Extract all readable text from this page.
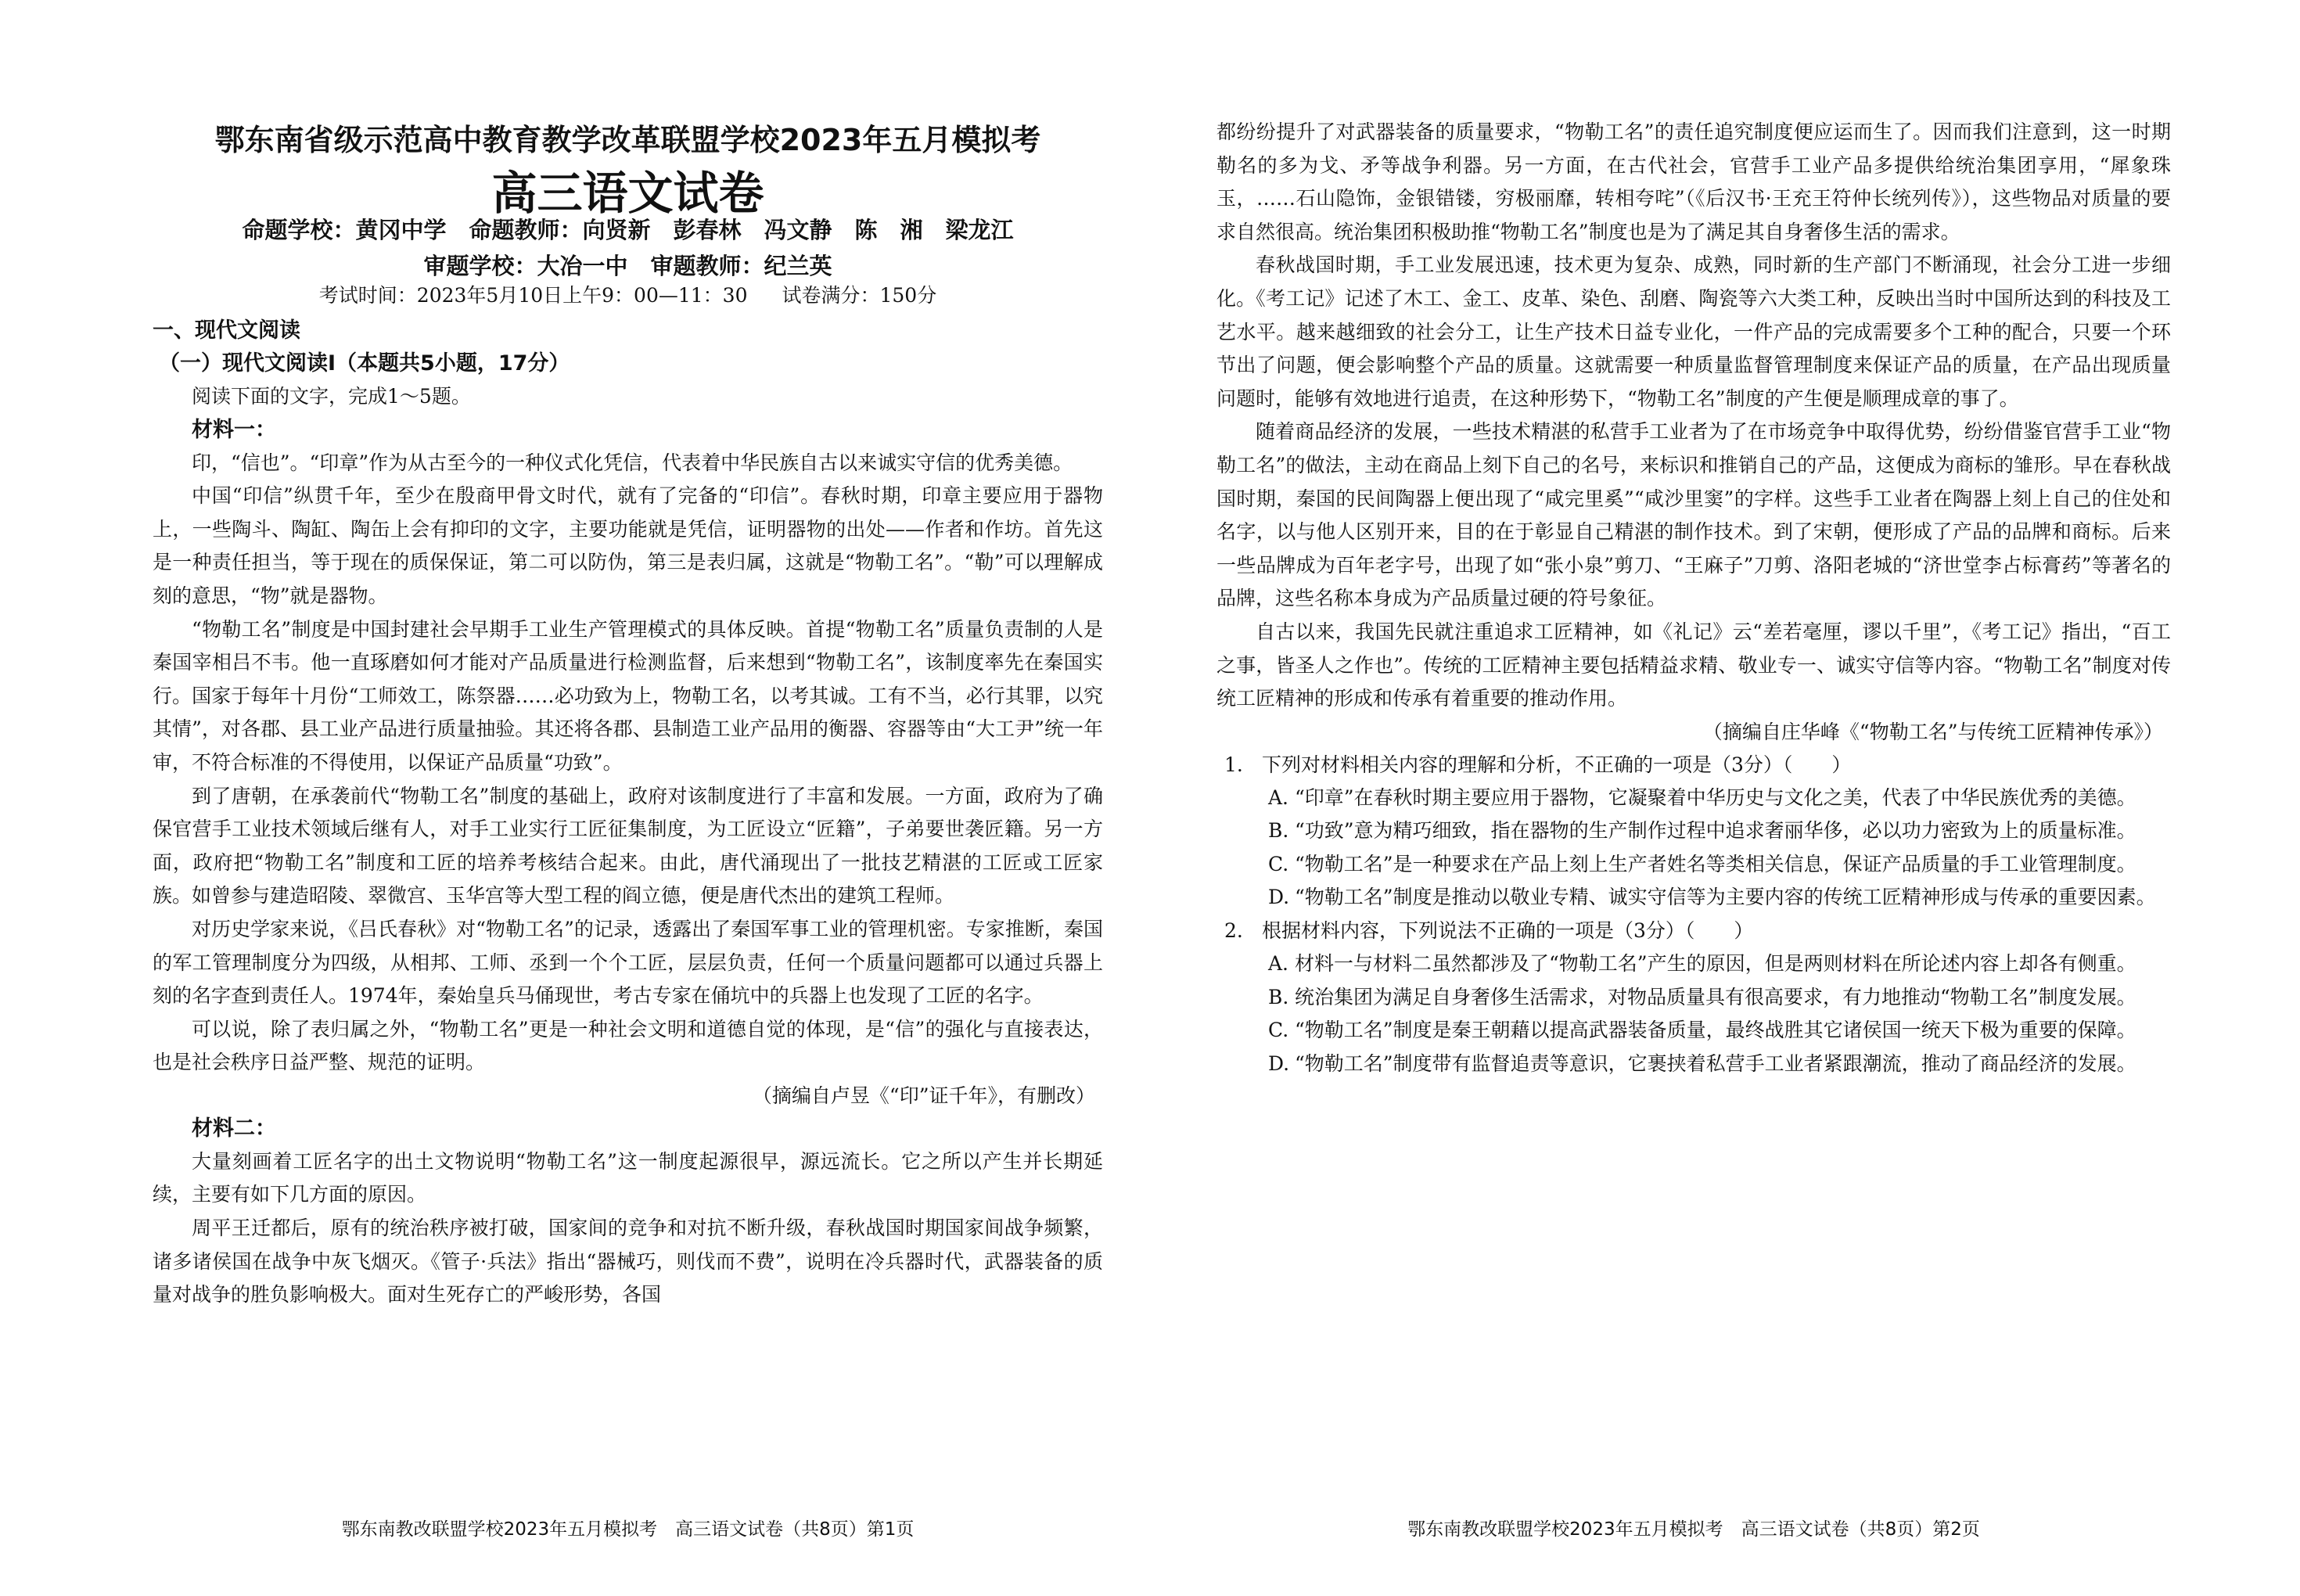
鄂东南省级示范高中教育教学改革联盟学校2023年五月模拟考
高三语文试卷
命题学校：黄冈中学　命题教师：向贤新　彭春林　冯文静　陈　湘　梁龙江
审题学校：大冶一中　审题教师：纪兰英
考试时间：2023年5月10日上午9：00—11：30 试卷满分：150分
一、现代文阅读
（一）现代文阅读Ⅰ（本题共5小题，17分）

阅读下面的文字，完成1～5题。

材料一：

印，“信也”。“印章”作为从古至今的一种仪式化凭信，代表着中华民族自古以来诚实守信的优秀美德。

中国“印信”纵贯千年，至少在殷商甲骨文时代，就有了完备的“印信”。春秋时期，印章主要应用于器物上，一些陶斗、陶缸、陶缶上会有抑印的文字，主要功能就是凭信，证明器物的出处——作者和作坊。首先这是一种责任担当，等于现在的质保保证，第二可以防伪，第三是表归属，这就是“物勒工名”。“勒”可以理解成刻的意思，“物”就是器物。

“物勒工名”制度是中国封建社会早期手工业生产管理模式的具体反映。首提“物勒工名”质量负责制的人是秦国宰相吕不韦。他一直琢磨如何才能对产品质量进行检测监督，后来想到“物勒工名”，该制度率先在秦国实行。国家于每年十月份“工师效工，陈祭器……必功致为上，物勒工名，以考其诚。工有不当，必行其罪，以究其情”，对各郡、县工业产品进行质量抽验。其还将各郡、县制造工业产品用的衡器、容器等由“大工尹”统一年审，不符合标准的不得使用，以保证产品质量“功致”。

到了唐朝，在承袭前代“物勒工名”制度的基础上，政府对该制度进行了丰富和发展。一方面，政府为了确保官营手工业技术领域后继有人，对手工业实行工匠征集制度，为工匠设立“匠籍”，子弟要世袭匠籍。另一方面，政府把“物勒工名”制度和工匠的培养考核结合起来。由此，唐代涌现出了一批技艺精湛的工匠或工匠家族。如曾参与建造昭陵、翠微宫、玉华宫等大型工程的阎立德，便是唐代杰出的建筑工程师。

对历史学家来说，《吕氏春秋》对“物勒工名”的记录，透露出了秦国军事工业的管理机密。专家推断，秦国的军工管理制度分为四级，从相邦、工师、丞到一个个工匠，层层负责，任何一个质量问题都可以通过兵器上刻的名字查到责任人。1974年，秦始皇兵马俑现世，考古专家在俑坑中的兵器上也发现了工匠的名字。

可以说，除了表归属之外，“物勒工名”更是一种社会文明和道德自觉的体现，是“信”的强化与直接表达，也是社会秩序日益严整、规范的证明。

（摘编自卢昱《“印”证千年》，有删改）
材料二：

大量刻画着工匠名字的出土文物说明“物勒工名”这一制度起源很早，源远流长。它之所以产生并长期延续，主要有如下几方面的原因。

周平王迁都后，原有的统治秩序被打破，国家间的竞争和对抗不断升级，春秋战国时期国家间战争频繁，诸多诸侯国在战争中灰飞烟灭。《管子·兵法》指出“器械巧，则伐而不费”，说明在冷兵器时代，武器装备的质量对战争的胜负影响极大。面对生死存亡的严峻形势，各国

鄂东南教改联盟学校2023年五月模拟考　高三语文试卷（共8页）第1页

都纷纷提升了对武器装备的质量要求，“物勒工名”的责任追究制度便应运而生了。因而我们注意到，这一时期勒名的多为戈、矛等战争利器。另一方面，在古代社会，官营手工业产品多提供给统治集团享用，“犀象珠玉，……石山隐饰，金银错镂，穷极丽靡，转相夸咤”（《后汉书·王充王符仲长统列传》），这些物品对质量的要求自然很高。统治集团积极助推“物勒工名”制度也是为了满足其自身奢侈生活的需求。

春秋战国时期，手工业发展迅速，技术更为复杂、成熟，同时新的生产部门不断涌现，社会分工进一步细化。《考工记》记述了木工、金工、皮革、染色、刮磨、陶瓷等六大类工种，反映出当时中国所达到的科技及工艺水平。越来越细致的社会分工，让生产技术日益专业化，一件产品的完成需要多个工种的配合，只要一个环节出了问题，便会影响整个产品的质量。这就需要一种质量监督管理制度来保证产品的质量，在产品出现质量问题时，能够有效地进行追责，在这种形势下，“物勒工名”制度的产生便是顺理成章的事了。

随着商品经济的发展，一些技术精湛的私营手工业者为了在市场竞争中取得优势，纷纷借鉴官营手工业“物勒工名”的做法，主动在商品上刻下自己的名号，来标识和推销自己的产品，这便成为商标的雏形。早在春秋战国时期，秦国的民间陶器上便出现了“咸完里奚”“咸沙里窦”的字样。这些手工业者在陶器上刻上自己的住处和名字，以与他人区别开来，目的在于彰显自己精湛的制作技术。到了宋朝，便形成了产品的品牌和商标。后来一些品牌成为百年老字号，出现了如“张小泉”剪刀、“王麻子”刀剪、洛阳老城的“济世堂李占标膏药”等著名的品牌，这些名称本身成为产品质量过硬的符号象征。

自古以来，我国先民就注重追求工匠精神，如《礼记》云“差若毫厘，谬以千里”，《考工记》指出，“百工之事，皆圣人之作也”。传统的工匠精神主要包括精益求精、敬业专一、诚实守信等内容。“物勒工名”制度对传统工匠精神的形成和传承有着重要的推动作用。

（摘编自庄华峰《“物勒工名”与传统工匠精神传承》）
1. 下列对材料相关内容的理解和分析，不正确的一项是（3分）（　　）
A. “印章”在春秋时期主要应用于器物，它凝聚着中华历史与文化之美，代表了中华民族优秀的美德。
B. “功致”意为精巧细致，指在器物的生产制作过程中追求奢丽华侈，必以功力密致为上的质量标准。
C. “物勒工名”是一种要求在产品上刻上生产者姓名等类相关信息，保证产品质量的手工业管理制度。
D. “物勒工名”制度是推动以敬业专精、诚实守信等为主要内容的传统工匠精神形成与传承的重要因素。
2. 根据材料内容，下列说法不正确的一项是（3分）（　　）
A. 材料一与材料二虽然都涉及了“物勒工名”产生的原因，但是两则材料在所论述内容上却各有侧重。
B. 统治集团为满足自身奢侈生活需求，对物品质量具有很高要求，有力地推动“物勒工名”制度发展。
C. “物勒工名”制度是秦王朝藉以提高武器装备质量，最终战胜其它诸侯国一统天下极为重要的保障。
D. “物勒工名”制度带有监督追责等意识，它裹挟着私营手工业者紧跟潮流，推动了商品经济的发展。
鄂东南教改联盟学校2023年五月模拟考　高三语文试卷（共8页）第2页
